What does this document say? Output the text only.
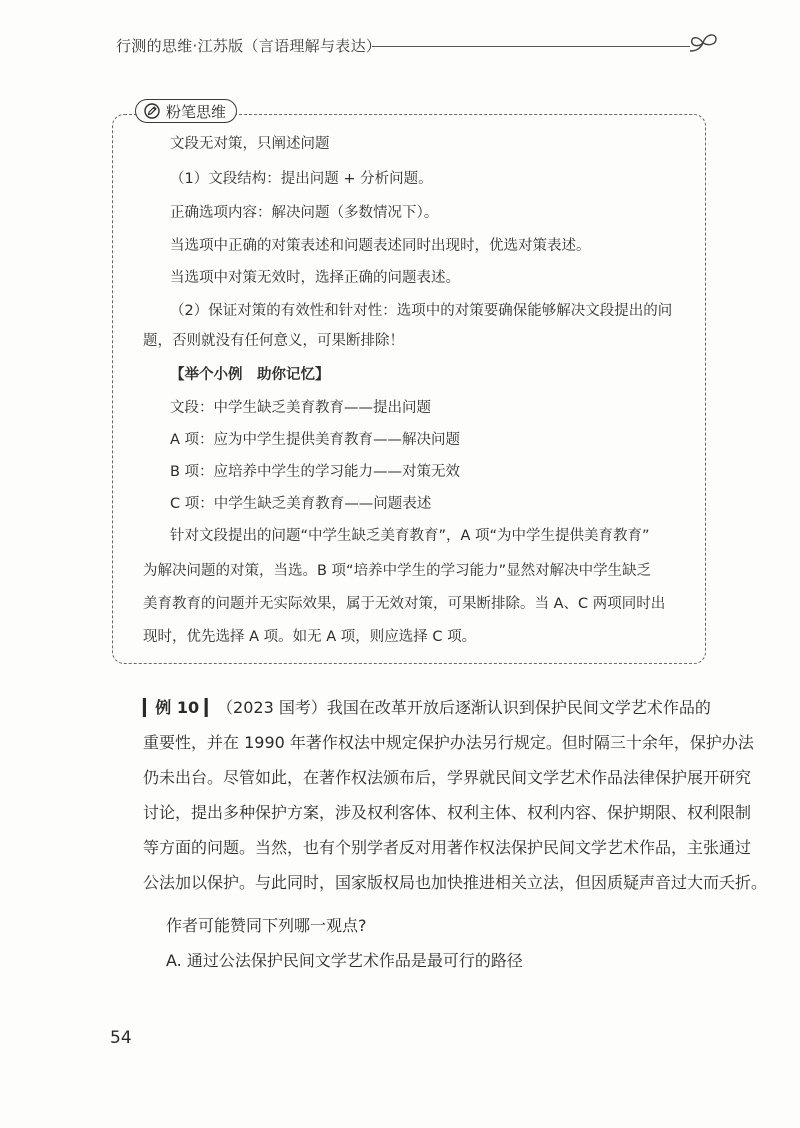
行测的思维·江苏版（言语理解与表达）
粉笔思维
文段无对策，只阐述问题
（1）文段结构：提出问题 + 分析问题。
正确选项内容：解决问题（多数情况下）。
当选项中正确的对策表述和问题表述同时出现时，优选对策表述。
当选项中对策无效时，选择正确的问题表述。
（2）保证对策的有效性和针对性：选项中的对策要确保能够解决文段提出的问
题，否则就没有任何意义，可果断排除！
【举个小例　助你记忆】
文段：中学生缺乏美育教育——提出问题
A 项：应为中学生提供美育教育——解决问题
B 项：应培养中学生的学习能力——对策无效
C 项：中学生缺乏美育教育——问题表述
针对文段提出的问题“中学生缺乏美育教育”，A 项“为中学生提供美育教育”
为解决问题的对策，当选。B 项“培养中学生的学习能力”显然对解决中学生缺乏
美育教育的问题并无实际效果，属于无效对策，可果断排除。当 A、C 两项同时出
现时，优先选择 A 项。如无 A 项，则应选择 C 项。
▎例 10 ▎（2023 国考）我国在改革开放后逐渐认识到保护民间文学艺术作品的
重要性，并在 1990 年著作权法中规定保护办法另行规定。但时隔三十余年，保护办法
仍未出台。尽管如此，在著作权法颁布后，学界就民间文学艺术作品法律保护展开研究
讨论，提出多种保护方案，涉及权利客体、权利主体、权利内容、保护期限、权利限制
等方面的问题。当然，也有个别学者反对用著作权法保护民间文学艺术作品，主张通过
公法加以保护。与此同时，国家版权局也加快推进相关立法，但因质疑声音过大而夭折。
作者可能赞同下列哪一观点?
A. 通过公法保护民间文学艺术作品是最可行的路径
54
